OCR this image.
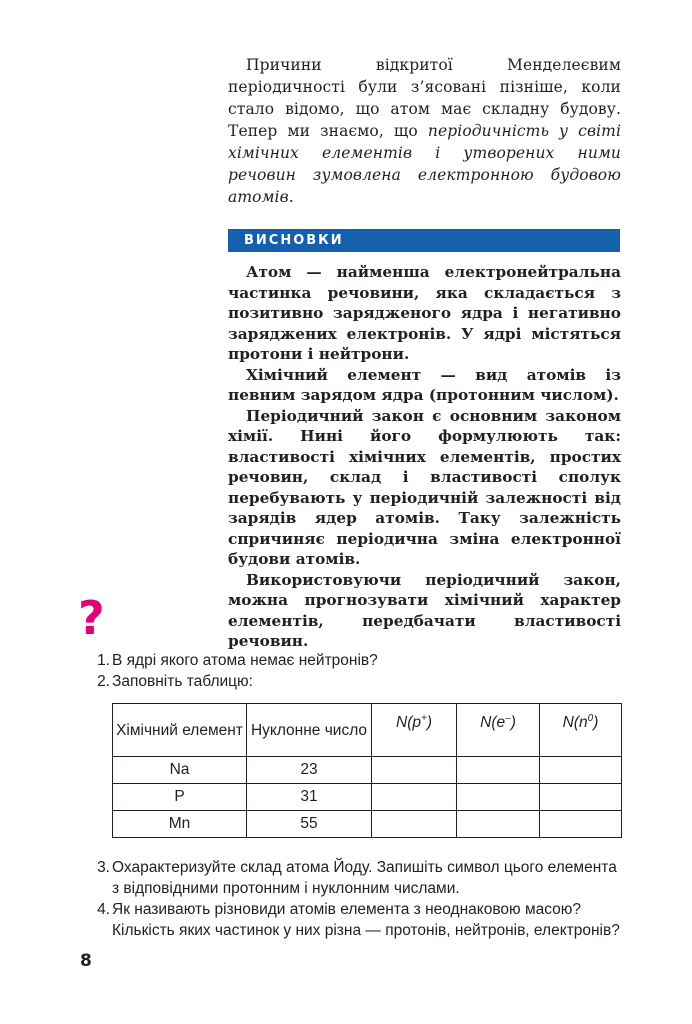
Причини відкритої Менделеєвим періодичності були з’ясовані пізніше, коли стало відомо, що атом має складну будову. Тепер ми знаємо, що періодичність у світі хімічних елементів і утворених ними речовин зумовлена електронною будовою атомів.

ВИСНОВКИ

Атом — найменша електронейтральна частинка речовини, яка складається з позитивно зарядженого ядра і негативно заряджених електронів. У ядрі містяться протони і нейтрони.

Хімічний елемент — вид атомів із певним зарядом ядра (протонним числом).

Періодичний закон є основним законом хімії. Нині його формулюють так: властивості хімічних елементів, простих речовин, склад і властивості сполук перебувають у періодичній залежності від зарядів ядер атомів. Таку залежність спричиняє періодична зміна електронної будови атомів.

Використовуючи періодичний закон, можна прогнозувати хімічний характер елементів, передбачати властивості речовин.

?

1. В ядрі якого атома немає нейтронів?

2. Заповніть таблицю:

Хімічний елемент	Нуклонне число	N(p+)	N(e–)	$N(n^0)$
Na	23			
P	31			
Mn	55			

3. Охарактеризуйте склад атома Йоду. Запишіть символ цього елемента з відповідними протонним і нуклонним числами.

4. Як називають різновиди атомів елемента з неоднаковою масою? Кількість яких частинок у них різна — протонів, нейтронів, електронів?

8
